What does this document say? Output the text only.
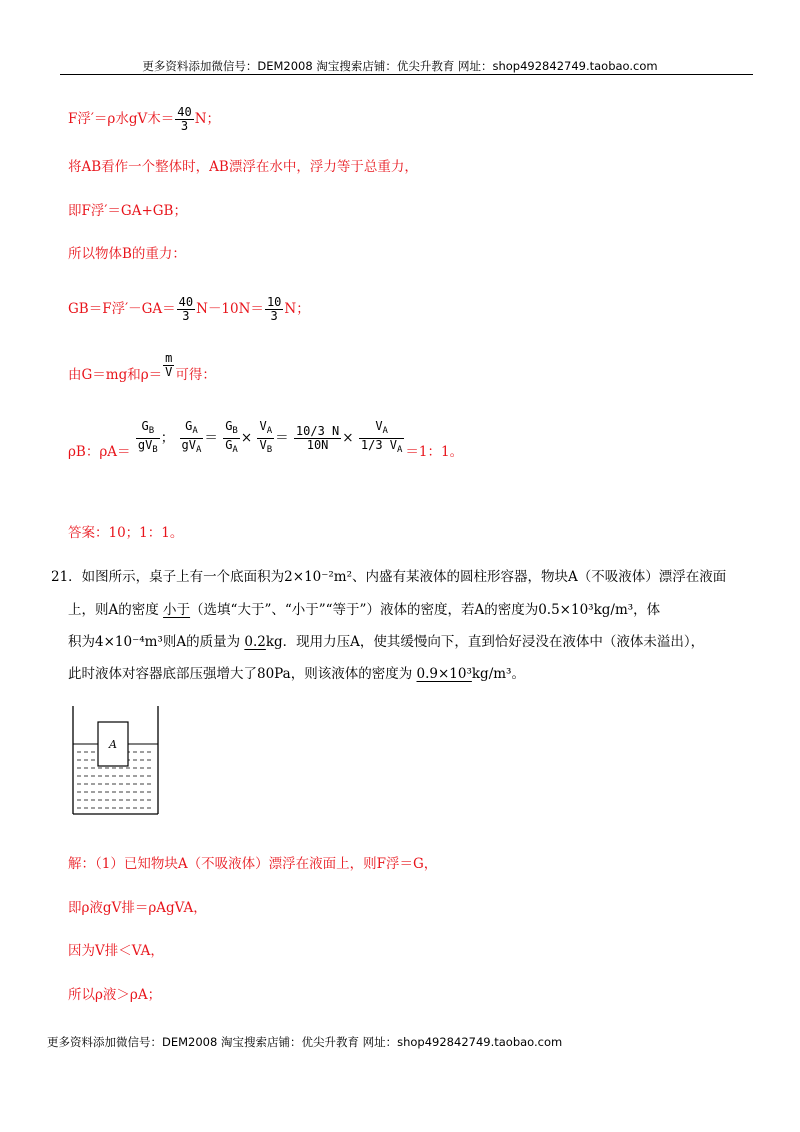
更多资料添加微信号：DEM2008 淘宝搜索店铺：优尖升教育 网址：shop492842749.taobao.com
F浮′＝ρ水gV木＝ $\frac{40}{3}$ N；
将AB看作一个整体时，AB漂浮在水中，浮力等于总重力，
即F浮′＝GA+GB；
所以物体B的重力：
GB＝F浮$'-GA= \frac{40}{3} N-10N= \frac{10}{3}$ N；
由G＝mg和$\rho= \frac{m}{V}$ 可得：
ρB：$\rho A= \frac{G_B}{gV_B}$ ； $\frac{G_A}{gV_A} = \frac{G_B}{G_A} \times \frac{V_A}{V_B} = \frac{10/3 N}{10N} \times \frac{V_A}{1/3 V_A} =1$：1。
答案：10；1：1。
21．如图所示，桌子上有一个底面积为2×10⁻²m²、内盛有某液体的圆柱形容器，物块A（不吸液体）漂浮在液面
上，则A的密度 小于（选填“大于”、“小于”“等于”）液体的密度，若A的密度为0.5×10³kg/m³，体
积为4×10⁻⁴m³则A的质量为 0.2kg．现用力压A，使其缓慢向下，直到恰好浸没在液体中（液体未溢出），
此时液体对容器底部压强增大了80Pa，则该液体的密度为 0.9×10³kg/m³。
A
解：（1）已知物块A（不吸液体）漂浮在液面上，则F浮＝G，
即ρ液gV排＝ρAgVA，
因为V排＜VA，
所以ρ液＞ρA；
更多资料添加微信号：DEM2008 淘宝搜索店铺：优尖升教育 网址：shop492842749.taobao.com
